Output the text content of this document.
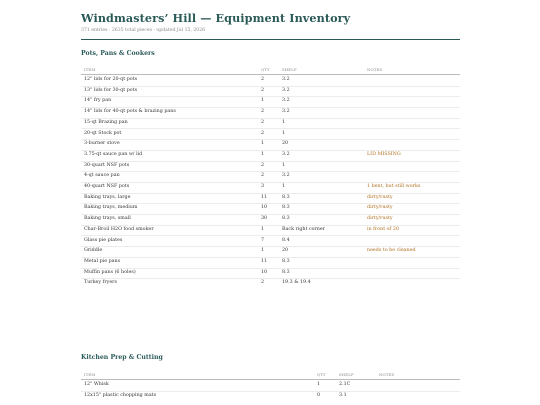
Windmasters’ Hill — Equipment Inventory
371 entries · 2635 total pieces · updated Jul 15, 2026
Pots, Pans & Cookers
ITEM	QTY	SHELF	NOTES
12" lids for 20-qt pots	2	3.2
13" lids for 30-qt pots	2	3.2
14" fry pan	1	3.2
14" lids for 40-qt pots & brazing pans	2	3.2
15-qt Brazing pan	2	1
20-qt Stock pot	2	1
3-burner stove	1	20
3.75-qt sauce pan w/ lid	1	3.2	LID MISSING
30-quart NSF pots	2	1
4-qt sauce pan	2	3.2
40-quart NSF pots	3	1	1 bent, but still works
Baking trays, large	11	8.3	dirty/rusty
Baking trays, medium	10	8.3	dirty/rusty
Baking trays, small	30	8.3	dirty/rusty
Char-Broil H2O food smoker	1	Back right corner	in front of 20
Glass pie plates	7	8.4
Griddle	1	20	needs to be cleaned
Metal pie pans	11	8.3
Muffin pans (6 holes)	10	8.3
Turkey fryers	2	19.3 & 19.4
Kitchen Prep & Cutting
ITEM	QTY	SHELF	NOTES
12" Whisk	1	2.1C
12x15" plastic chopping mats	0	3.1
